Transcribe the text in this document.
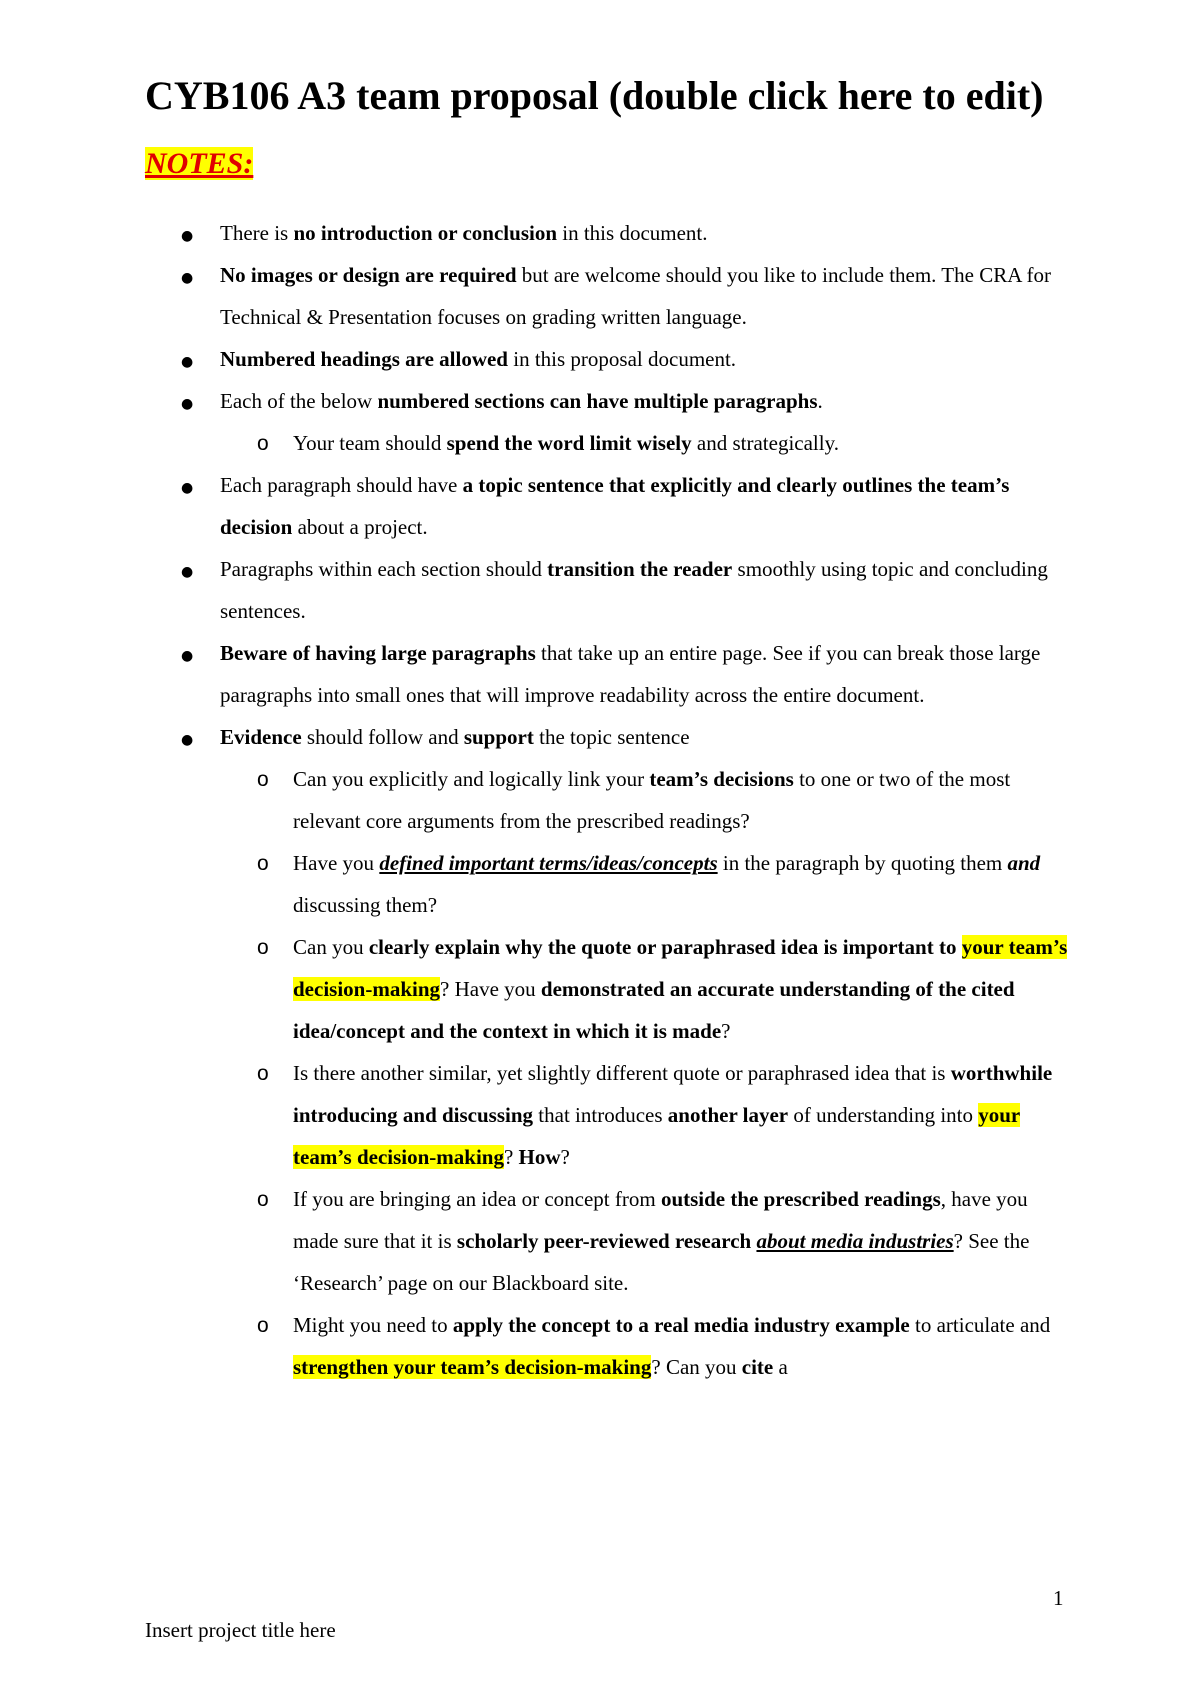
CYB106 A3 team proposal (double click here to edit)

NOTES:

●
There is no introduction or conclusion in this document.
●
No images or design are required but are welcome should you like to include them. The CRA for Technical & Presentation focuses on grading written language.
●
Numbered headings are allowed in this proposal document.
●
Each of the below numbered sections can have multiple paragraphs.
o
Your team should spend the word limit wisely and strategically.
●
Each paragraph should have a topic sentence that explicitly and clearly outlines the team’s decision about a project.
●
Paragraphs within each section should transition the reader smoothly using topic and concluding sentences.
●
Beware of having large paragraphs that take up an entire page. See if you can break those large paragraphs into small ones that will improve readability across the entire document.
●
Evidence should follow and support the topic sentence
o
Can you explicitly and logically link your team’s decisions to one or two of the most relevant core arguments from the prescribed readings?
o
Have you defined important terms/ideas/concepts in the paragraph by quoting them and discussing them?
o
Can you clearly explain why the quote or paraphrased idea is important to your team’s decision-making? Have you demonstrated an accurate understanding of the cited idea/concept and the context in which it is made?
o
Is there another similar, yet slightly different quote or paraphrased idea that is worthwhile introducing and discussing that introduces another layer of understanding into your team’s decision-making? How?
o
If you are bringing an idea or concept from outside the prescribed readings, have you made sure that it is scholarly peer-reviewed research about media industries? See the ‘Research’ page on our Blackboard site.
o
Might you need to apply the concept to a real media industry example to articulate and strengthen your team’s decision-making? Can you cite a
1
Insert project title here
